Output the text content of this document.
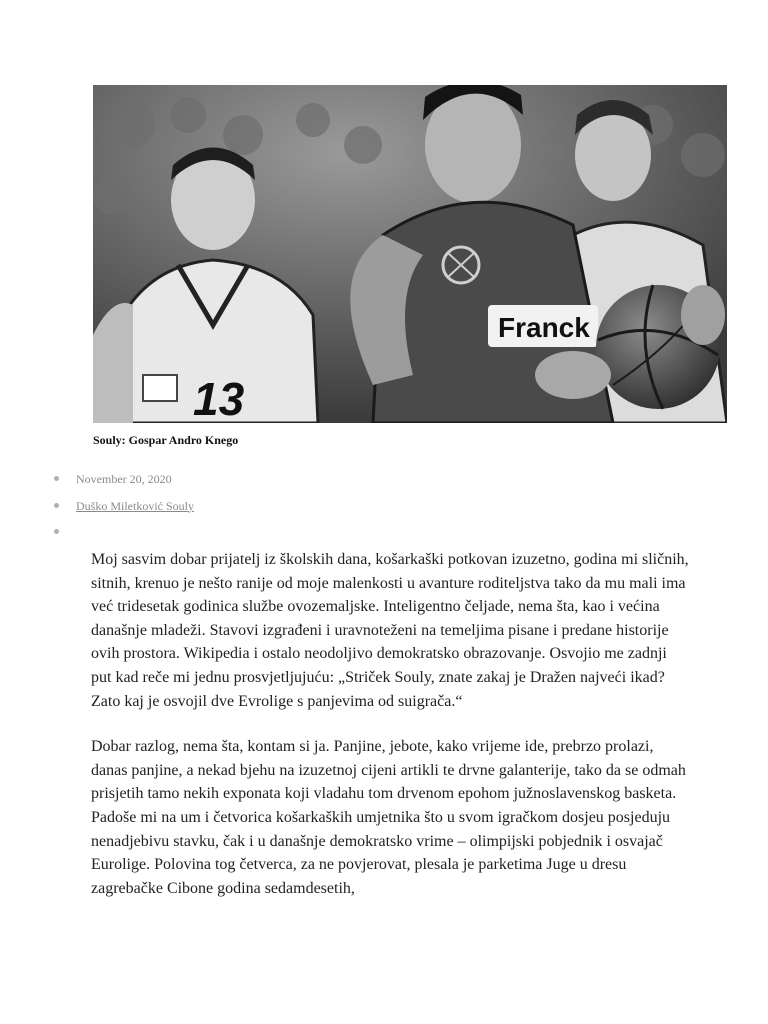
13
Franck
Souly: Gospar Andro Knego
November 20, 2020
Duško Miletković Souly

Moj sasvim dobar prijatelj iz školskih dana, košarkaški potkovan izuzetno, godina mi sličnih, sitnih, krenuo je nešto ranije od moje malenkosti u avanture roditeljstva tako da mu mali ima već tridesetak godinica službe ovozemaljske. Inteligentno čeljade, nema šta, kao i većina današnje mladeži. Stavovi izgrađeni i uravnoteženi na temeljima pisane i predane historije ovih prostora. Wikipedia i ostalo neodoljivo demokratsko obrazovanje. Osvojio me zadnji put kad reče mi jednu prosvjetljujuću: „Striček Souly, znate zakaj je Dražen najveći ikad? Zato kaj je osvojil dve Evrolige s panjevima od suigrača.“

Dobar razlog, nema šta, kontam si ja. Panjine, jebote, kako vrijeme ide, prebrzo prolazi, danas panjine, a nekad bjehu na izuzetnoj cijeni artikli te drvne galanterije, tako da se odmah prisjetih tamo nekih exponata koji vladahu tom drvenom epohom južnoslavenskog basketa. Padoše mi na um i četvorica košarkaških umjetnika što u svom igračkom dosjeu posjeduju nenadjebivu stavku, čak i u današnje demokratsko vrime – olimpijski pobjednik i osvajač Eurolige. Polovina tog četverca, za ne povjerovat, plesala je parketima Juge u dresu zagrebačke Cibone godina sedamdesetih,
